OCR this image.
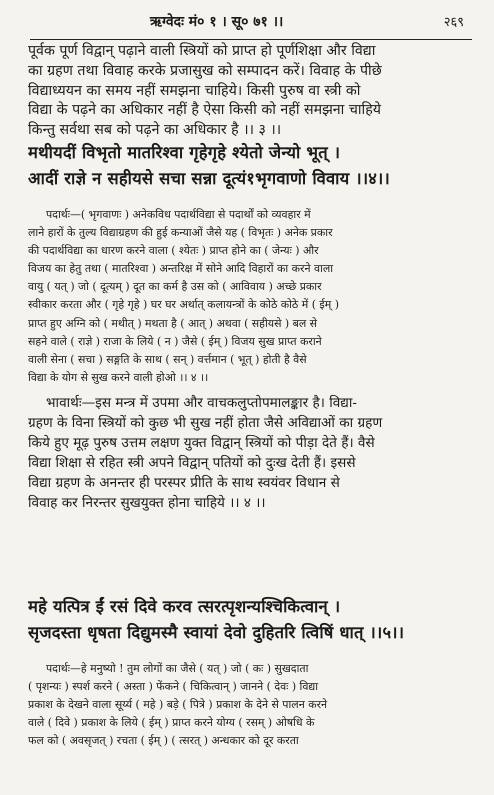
ऋग्वेदः मं० १ । सू० ७१ ।।	२६९
पूर्वक पूर्ण विद्वान् पढ़ाने वाली स्त्रियों को प्राप्त हो पूर्णशिक्षा और विद्या
का ग्रहण तथा विवाह करके प्रजासुख को सम्पादन करें। विवाह के पीछे
विद्याध्ययन का समय नहीं समझना चाहिये। किसी पुरुष वा स्त्री को
विद्या के पढ़ने का अधिकार नहीं है ऐसा किसी को नहीं समझना चाहिये
किन्तु सर्वथा सब को पढ़ने का अधिकार है ।। ३ ।।
मथीयदीं विभृतो मातरिश्वा गृहेगृहे श्येतो जेन्यो भूत् ।
आदीं राज्ञे न सहीयसे सचा सन्ना दूत्यं१भृगवाणो विवाय ।।४।।
पदार्थः—( भृगवाणः ) अनेकविध पदार्थविद्या से पदार्थों को व्यवहार में
लाने हारों के तुल्य विद्याग्रहण की हुई कन्याओं जैसे यह ( विभृतः ) अनेक प्रकार
की पदार्थविद्या का धारण करने वाला ( श्येतः ) प्राप्त होने का ( जेन्यः ) और
विजय का हेतु तथा ( मातरिश्वा ) अन्तरिक्ष में सोने आदि विहारों का करने वाला
वायु ( यत् ) जो ( दूत्यम् ) दूत का कर्म है उस को ( आविवाय ) अच्छे प्रकार
स्वीकार करता और ( गृहे गृहे ) घर घर अर्थात् कलायन्त्रों के कोठे कोठे में ( ईम् )
प्राप्त हुए अग्नि को ( मथीत् ) मथता है ( आत् ) अथवा ( सहीयसे ) बल से
सहने वाले ( राज्ञे ) राजा के लिये ( न ) जैसे ( ईम् ) विजय सुख प्राप्त कराने
वाली सेना ( सचा ) सङ्गति के साथ ( सन् ) वर्त्तमान ( भूत् ) होती है वैसे
विद्या के योग से सुख करने वाली होओ ।। ४ ।।
भावार्थः—इस मन्त्र में उपमा और वाचकलुप्तोपमालङ्कार है। विद्या-
ग्रहण के विना स्त्रियों को कुछ भी सुख नहीं होता जैसे अविद्याओं का ग्रहण
किये हुए मूढ़ पुरुष उत्तम लक्षण युक्त विद्वान् स्त्रियों को पीड़ा देते हैं। वैसे
विद्या शिक्षा से रहित स्त्री अपने विद्वान् पतियों को दुःख देती हैं। इससे
विद्या ग्रहण के अनन्तर ही परस्पर प्रीति के साथ स्वयंवर विधान से
विवाह कर निरन्तर सुखयुक्त होना चाहिये ।। ४ ।।
महे यत्पित्र ईं रसं दिवे करव त्सरत्पृशन्यश्चिकित्वान् ।
सृजदस्ता धृषता दिद्युमस्मै स्वायां देवो दुहितरि त्विषिं धात् ।।५।।
पदार्थः—हे मनुष्यो ! तुम लोगों का जैसे ( यत् ) जो ( कः ) सुखदाता
( पृशन्यः ) स्पर्श करने ( अस्ता ) फेंकने ( चिकित्वान् ) जानने ( देवः ) विद्या
प्रकाश के देखने वाला सूर्य्य ( महे ) बड़े ( पित्रे ) प्रकाश के देने से पालन करने
वाले ( दिवे ) प्रकाश के लिये ( ईम् ) प्राप्त करने योग्य ( रसम् ) ओषधि के
फल को ( अवसृजत् ) रचता ( ईम् ) ( त्सरत् ) अन्धकार को दूर करता
